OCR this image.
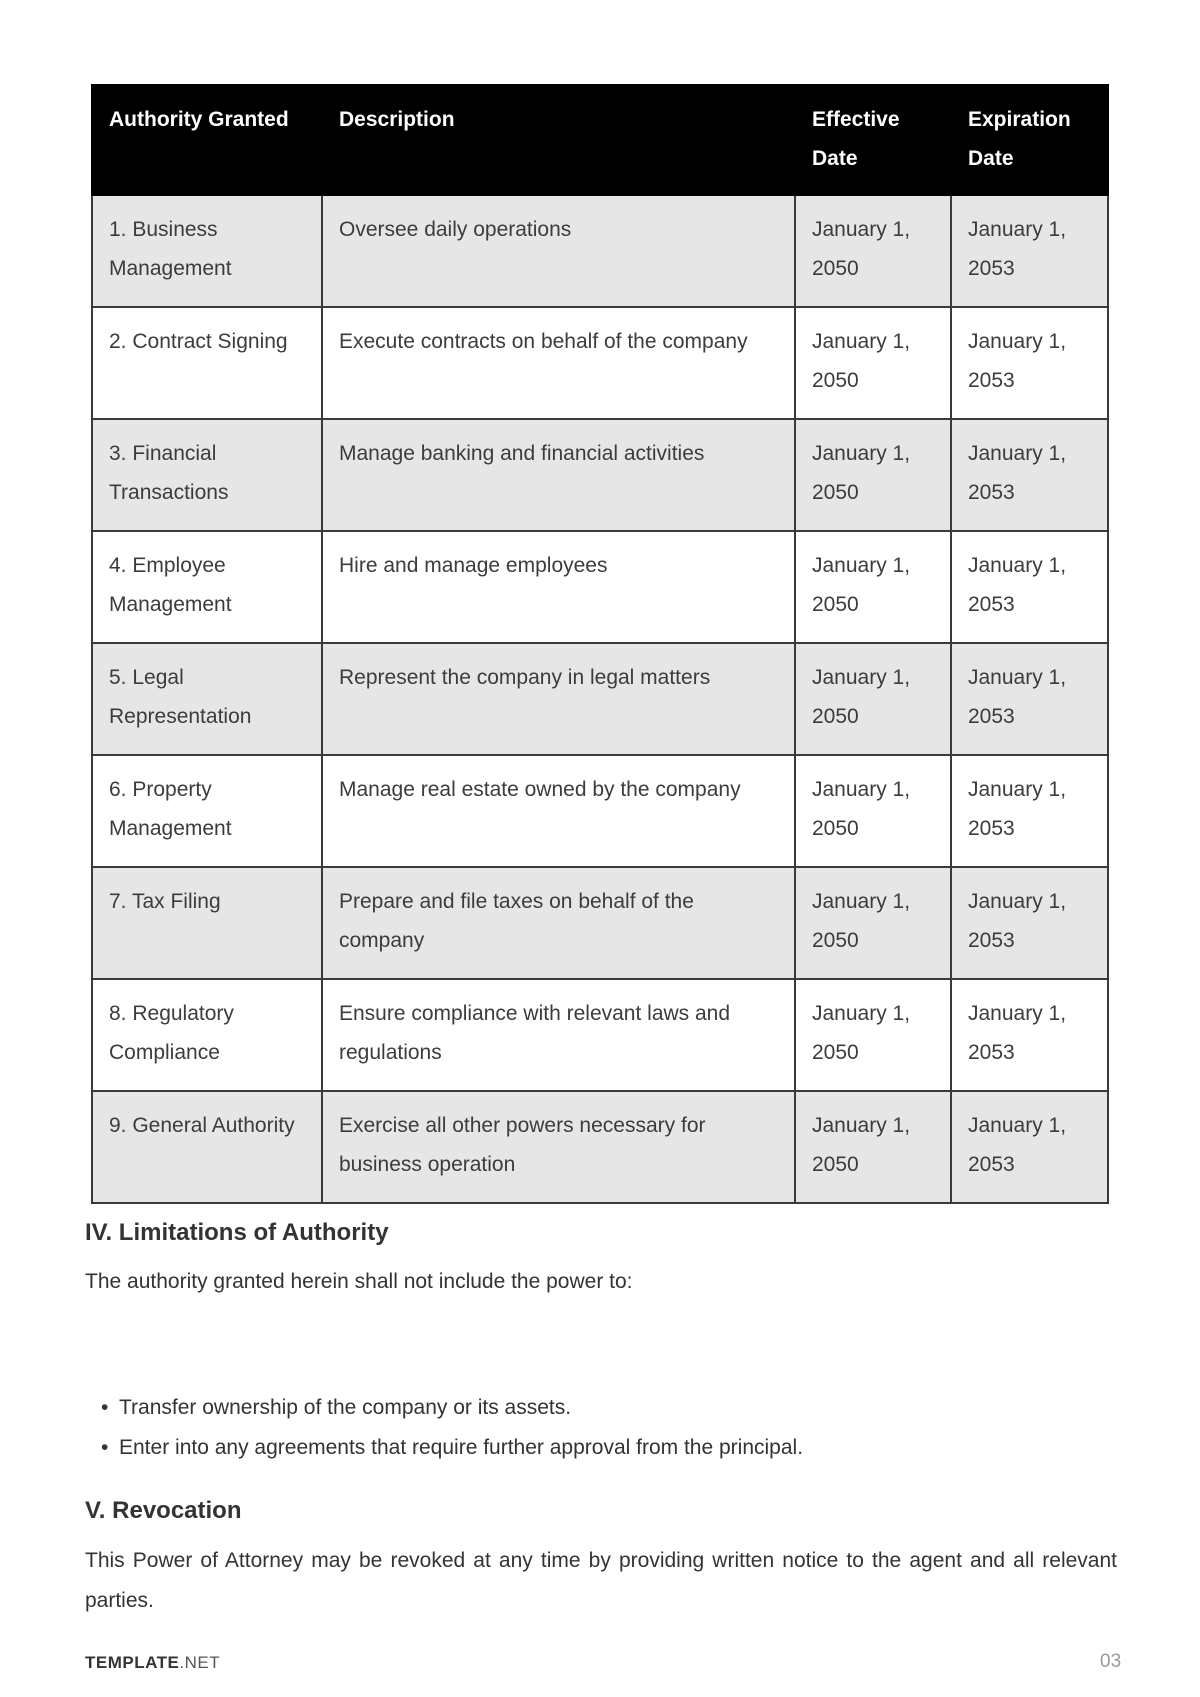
Authority Granted	Description	Effective Date	Expiration Date
1. Business Management	Oversee daily operations	January 1, 2050	January 1, 2053
2. Contract Signing	Execute contracts on behalf of the company	January 1, 2050	January 1, 2053
3. Financial Transactions	Manage banking and financial activities	January 1, 2050	January 1, 2053
4. Employee Management	Hire and manage employees	January 1, 2050	January 1, 2053
5. Legal Representation	Represent the company in legal matters	January 1, 2050	January 1, 2053
6. Property Management	Manage real estate owned by the company	January 1, 2050	January 1, 2053
7. Tax Filing	Prepare and file taxes on behalf of the company	January 1, 2050	January 1, 2053
8. Regulatory Compliance	Ensure compliance with relevant laws and regulations	January 1, 2050	January 1, 2053
9. General Authority	Exercise all other powers necessary for business operation	January 1, 2050	January 1, 2053
IV. Limitations of Authority

The authority granted herein shall not include the power to:

• Transfer ownership of the company or its assets.
• Enter into any agreements that require further approval from the principal.
V. Revocation

This Power of Attorney may be revoked at any time by providing written notice to the agent and all relevant parties.

TEMPLATE.NET	03
